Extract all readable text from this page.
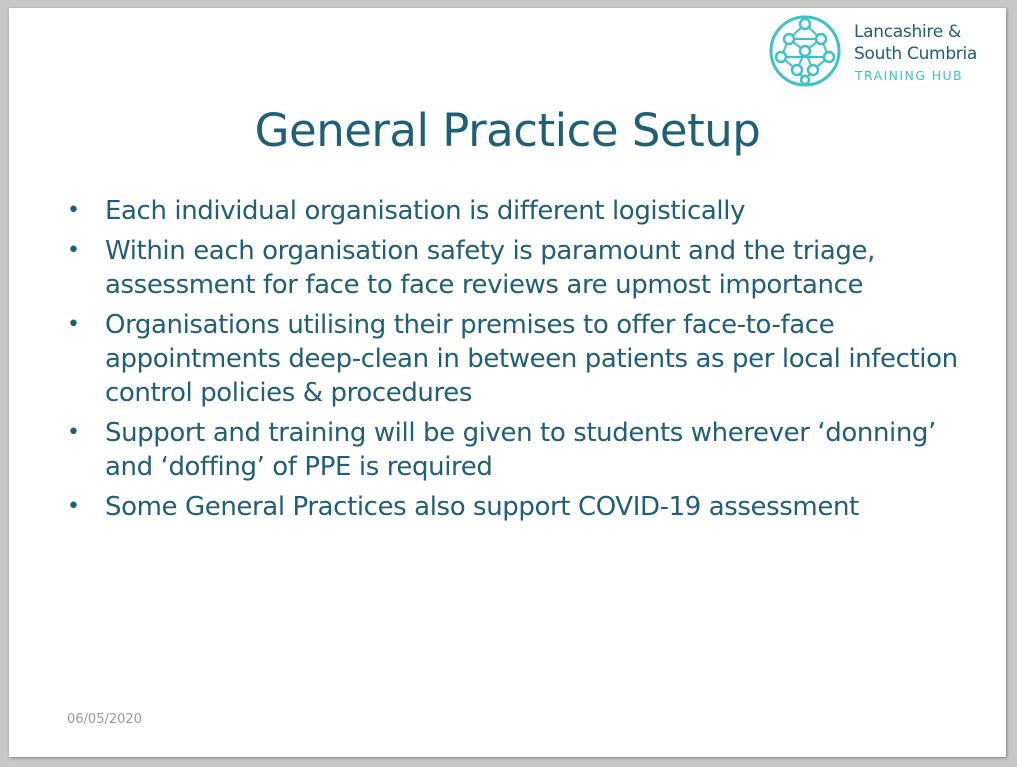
Lancashire &
South Cumbria
TRAINING HUB
General Practice Setup
• Each individual organisation is different logistically
• Within each organisation safety is paramount and the triage, assessment for face to face reviews are upmost importance
• Organisations utilising their premises to offer face-to-face appointments deep-clean in between patients as per local infection control policies & procedures
• Support and training will be given to students wherever ‘donning’ and ‘doffing’ of PPE is required
• Some General Practices also support COVID-19 assessment
06/05/2020
